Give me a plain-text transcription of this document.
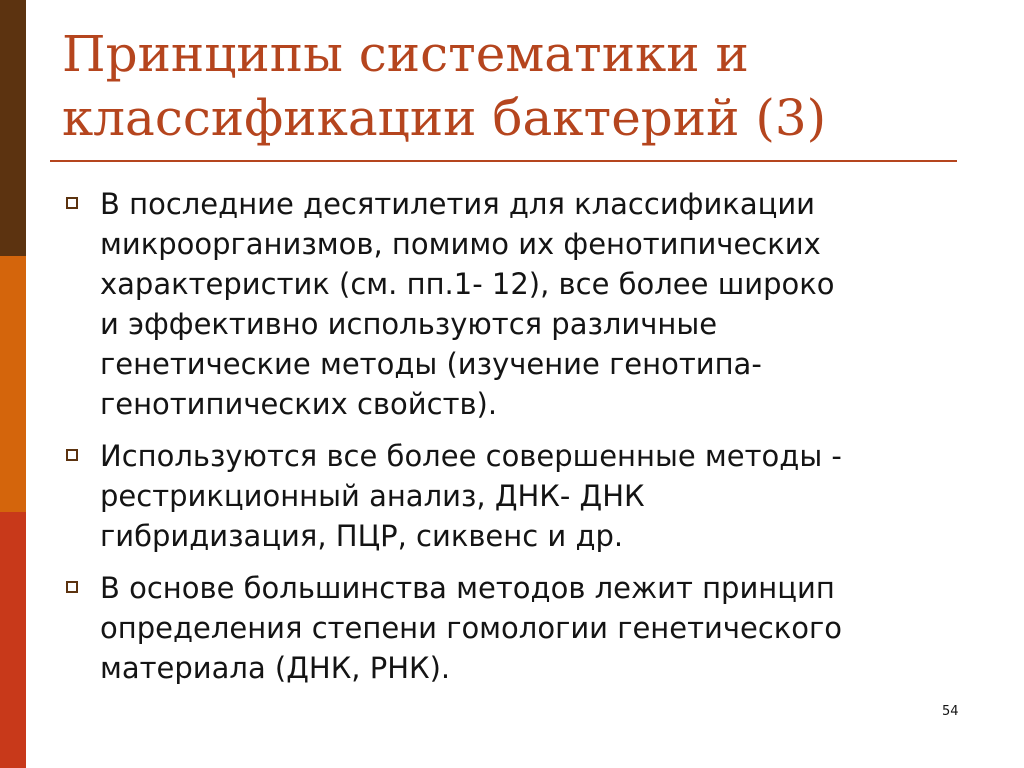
Принципы систематики и
классификации бактерий (3)
В последние десятилетия для классификации
микроорганизмов, помимо их фенотипических
характеристик (см. пп.1- 12), все более широко
и эффективно используются различные
генетические методы (изучение генотипа-
генотипических свойств).
Используются все более совершенные методы -
рестрикционный анализ, ДНК- ДНК
гибридизация, ПЦР, сиквенс и др.
В основе большинства методов лежит принцип
определения степени гомологии генетического
материала (ДНК, РНК).
54
